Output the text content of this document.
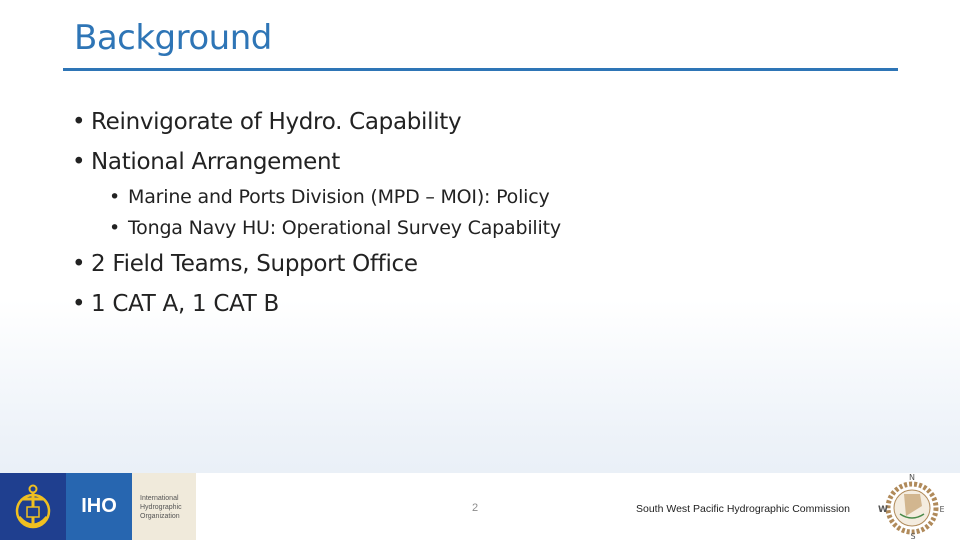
Background
• Reinvigorate of Hydro. Capability
• National Arrangement
• Marine and Ports Division (MPD – MOI): Policy
• Tonga Navy HU: Operational Survey Capability
• 2 Field Teams, Support Office
• 1 CAT A, 1 CAT B
IHO	International
Hydrographic
Organization
2	South West Pacific Hydrographic Commission
N
E
S
W
